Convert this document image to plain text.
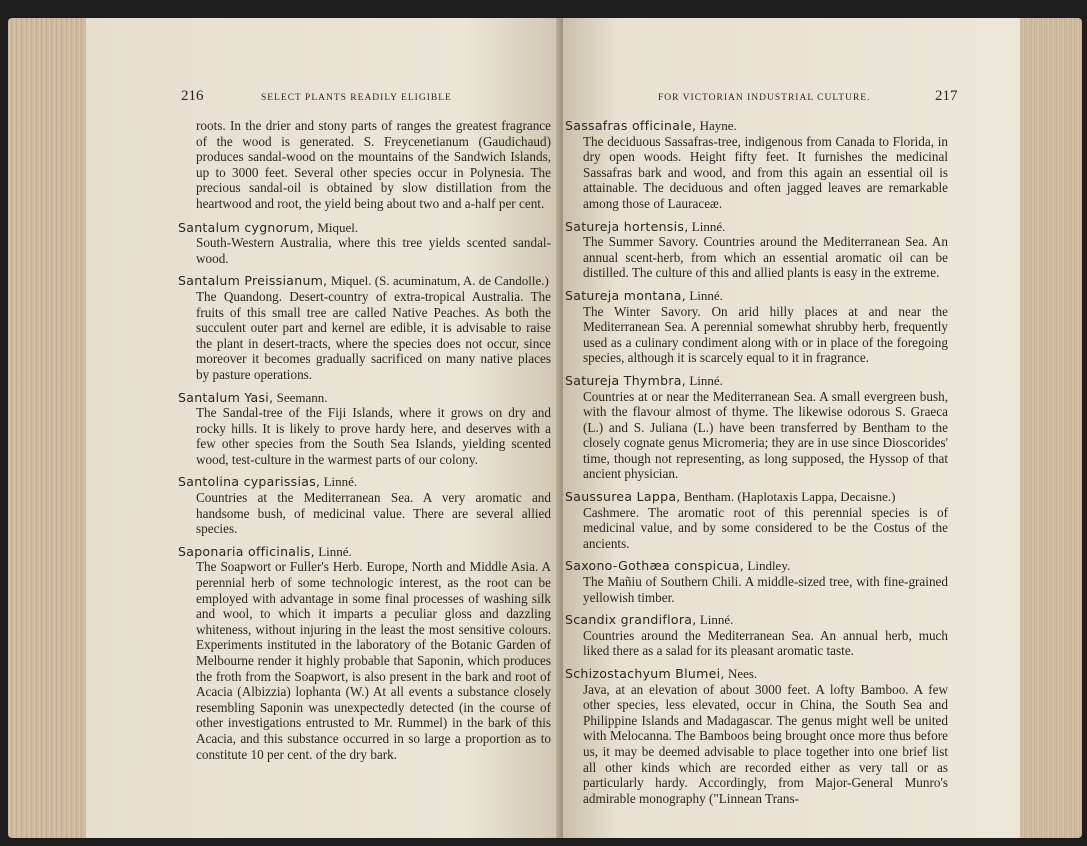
216	SELECT PLANTS READILY ELIGIBLE

roots. In the drier and stony parts of ranges the greatest fragrance of the wood is generated. S. Freycenetianum (Gaudichaud) produces sandal-wood on the mountains of the Sandwich Islands, up to 3000 feet. Several other species occur in Polynesia. The precious sandal-oil is obtained by slow distillation from the heartwood and root, the yield being about two and a-half per cent.

Santalum cygnorum, Miquel.
South-Western Australia, where this tree yields scented sandal-wood.
Santalum Preissianum, Miquel. (S. acuminatum, A. de Candolle.)
The Quandong. Desert-country of extra-tropical Australia. The fruits of this small tree are called Native Peaches. As both the succulent outer part and kernel are edible, it is advisable to raise the plant in desert-tracts, where the species does not occur, since moreover it becomes gradually sacrificed on many native places by pasture operations.
Santalum Yasi, Seemann.
The Sandal-tree of the Fiji Islands, where it grows on dry and rocky hills. It is likely to prove hardy here, and deserves with a few other species from the South Sea Islands, yielding scented wood, test-culture in the warmest parts of our colony.
Santolina cyparissias, Linné.
Countries at the Mediterranean Sea. A very aromatic and handsome bush, of medicinal value. There are several allied species.
Saponaria officinalis, Linné.
The Soapwort or Fuller's Herb. Europe, North and Middle Asia. A perennial herb of some technologic interest, as the root can be employed with advantage in some final processes of washing silk and wool, to which it imparts a peculiar gloss and dazzling whiteness, without injuring in the least the most sensitive colours. Experiments instituted in the laboratory of the Botanic Garden of Melbourne render it highly probable that Saponin, which produces the froth from the Soapwort, is also present in the bark and root of Acacia (Albizzia) lophanta (W.) At all events a substance closely resembling Saponin was unexpectedly detected (in the course of other investigations entrusted to Mr. Rummel) in the bark of this Acacia, and this substance occurred in so large a proportion as to constitute 10 per cent. of the dry bark.
FOR VICTORIAN INDUSTRIAL CULTURE.	217
Sassafras officinale, Hayne.
The deciduous Sassafras-tree, indigenous from Canada to Florida, in dry open woods. Height fifty feet. It furnishes the medicinal Sassafras bark and wood, and from this again an essential oil is attainable. The deciduous and often jagged leaves are remarkable among those of Lauraceæ.
Satureja hortensis, Linné.
The Summer Savory. Countries around the Mediterranean Sea. An annual scent-herb, from which an essential aromatic oil can be distilled. The culture of this and allied plants is easy in the extreme.
Satureja montana, Linné.
The Winter Savory. On arid hilly places at and near the Mediterranean Sea. A perennial somewhat shrubby herb, frequently used as a culinary condiment along with or in place of the foregoing species, although it is scarcely equal to it in fragrance.
Satureja Thymbra, Linné.
Countries at or near the Mediterranean Sea. A small evergreen bush, with the flavour almost of thyme. The likewise odorous S. Graeca (L.) and S. Juliana (L.) have been transferred by Bentham to the closely cognate genus Micromeria; they are in use since Dioscorides' time, though not representing, as long supposed, the Hyssop of that ancient physician.
Saussurea Lappa, Bentham. (Haplotaxis Lappa, Decaisne.)
Cashmere. The aromatic root of this perennial species is of medicinal value, and by some considered to be the Costus of the ancients.
Saxono-Gothæa conspicua, Lindley.
The Mañiu of Southern Chili. A middle-sized tree, with fine-grained yellowish timber.
Scandix grandiflora, Linné.
Countries around the Mediterranean Sea. An annual herb, much liked there as a salad for its pleasant aromatic taste.
Schizostachyum Blumei, Nees.
Java, at an elevation of about 3000 feet. A lofty Bamboo. A few other species, less elevated, occur in China, the South Sea and Philippine Islands and Madagascar. The genus might well be united with Melocanna. The Bamboos being brought once more thus before us, it may be deemed advisable to place together into one brief list all other kinds which are recorded either as very tall or as particularly hardy. Accordingly, from Major-General Munro's admirable monography ("Linnean Trans-
